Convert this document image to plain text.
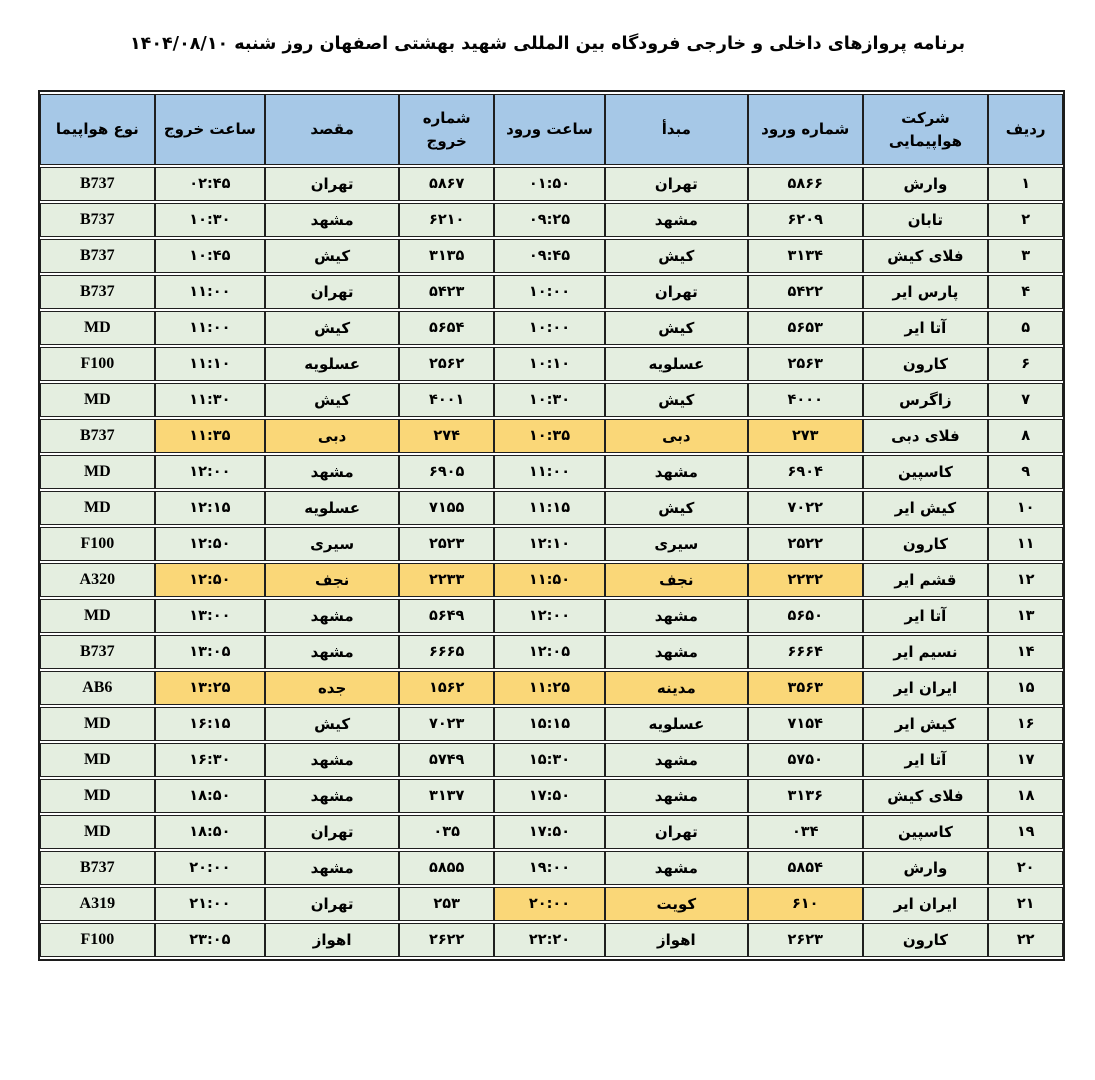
برنامه پروازهای داخلی و خارجی فرودگاه بین المللی شهید بهشتی اصفهان روز شنبه ۱۴۰۴/۰۸/۱۰
ردیف	شرکت هواپیمایی	شماره ورود	مبدأ	ساعت ورود	شماره خروج	مقصد	ساعت خروج	نوع هواپیما
۱	وارش	۵۸۶۶	تهران	۰۱:۵۰	۵۸۶۷	تهران	۰۲:۴۵	B737
۲	تابان	۶۲۰۹	مشهد	۰۹:۲۵	۶۲۱۰	مشهد	۱۰:۳۰	B737
۳	فلای کیش	۳۱۳۴	کیش	۰۹:۴۵	۳۱۳۵	کیش	۱۰:۴۵	B737
۴	پارس ایر	۵۴۲۲	تهران	۱۰:۰۰	۵۴۲۳	تهران	۱۱:۰۰	B737
۵	آتا ایر	۵۶۵۳	کیش	۱۰:۰۰	۵۶۵۴	کیش	۱۱:۰۰	MD
۶	کارون	۲۵۶۳	عسلویه	۱۰:۱۰	۲۵۶۲	عسلویه	۱۱:۱۰	F100
۷	زاگرس	۴۰۰۰	کیش	۱۰:۳۰	۴۰۰۱	کیش	۱۱:۳۰	MD
۸	فلای دبی	۲۷۳	دبی	۱۰:۳۵	۲۷۴	دبی	۱۱:۳۵	B737
۹	کاسپین	۶۹۰۴	مشهد	۱۱:۰۰	۶۹۰۵	مشهد	۱۲:۰۰	MD
۱۰	کیش ایر	۷۰۲۲	کیش	۱۱:۱۵	۷۱۵۵	عسلویه	۱۲:۱۵	MD
۱۱	کارون	۲۵۲۲	سیری	۱۲:۱۰	۲۵۲۳	سیری	۱۲:۵۰	F100
۱۲	قشم ایر	۲۲۳۲	نجف	۱۱:۵۰	۲۲۳۳	نجف	۱۲:۵۰	A320
۱۳	آتا ایر	۵۶۵۰	مشهد	۱۲:۰۰	۵۶۴۹	مشهد	۱۳:۰۰	MD
۱۴	نسیم ایر	۶۶۶۴	مشهد	۱۲:۰۵	۶۶۶۵	مشهد	۱۳:۰۵	B737
۱۵	ایران ایر	۳۵۶۳	مدینه	۱۱:۲۵	۱۵۶۲	جده	۱۳:۲۵	AB6
۱۶	کیش ایر	۷۱۵۴	عسلویه	۱۵:۱۵	۷۰۲۳	کیش	۱۶:۱۵	MD
۱۷	آتا ایر	۵۷۵۰	مشهد	۱۵:۳۰	۵۷۴۹	مشهد	۱۶:۳۰	MD
۱۸	فلای کیش	۳۱۳۶	مشهد	۱۷:۵۰	۳۱۳۷	مشهد	۱۸:۵۰	MD
۱۹	کاسپین	۰۳۴	تهران	۱۷:۵۰	۰۳۵	تهران	۱۸:۵۰	MD
۲۰	وارش	۵۸۵۴	مشهد	۱۹:۰۰	۵۸۵۵	مشهد	۲۰:۰۰	B737
۲۱	ایران ایر	۶۱۰	کویت	۲۰:۰۰	۲۵۳	تهران	۲۱:۰۰	A319
۲۲	کارون	۲۶۲۳	اهواز	۲۲:۲۰	۲۶۲۲	اهواز	۲۳:۰۵	F100
